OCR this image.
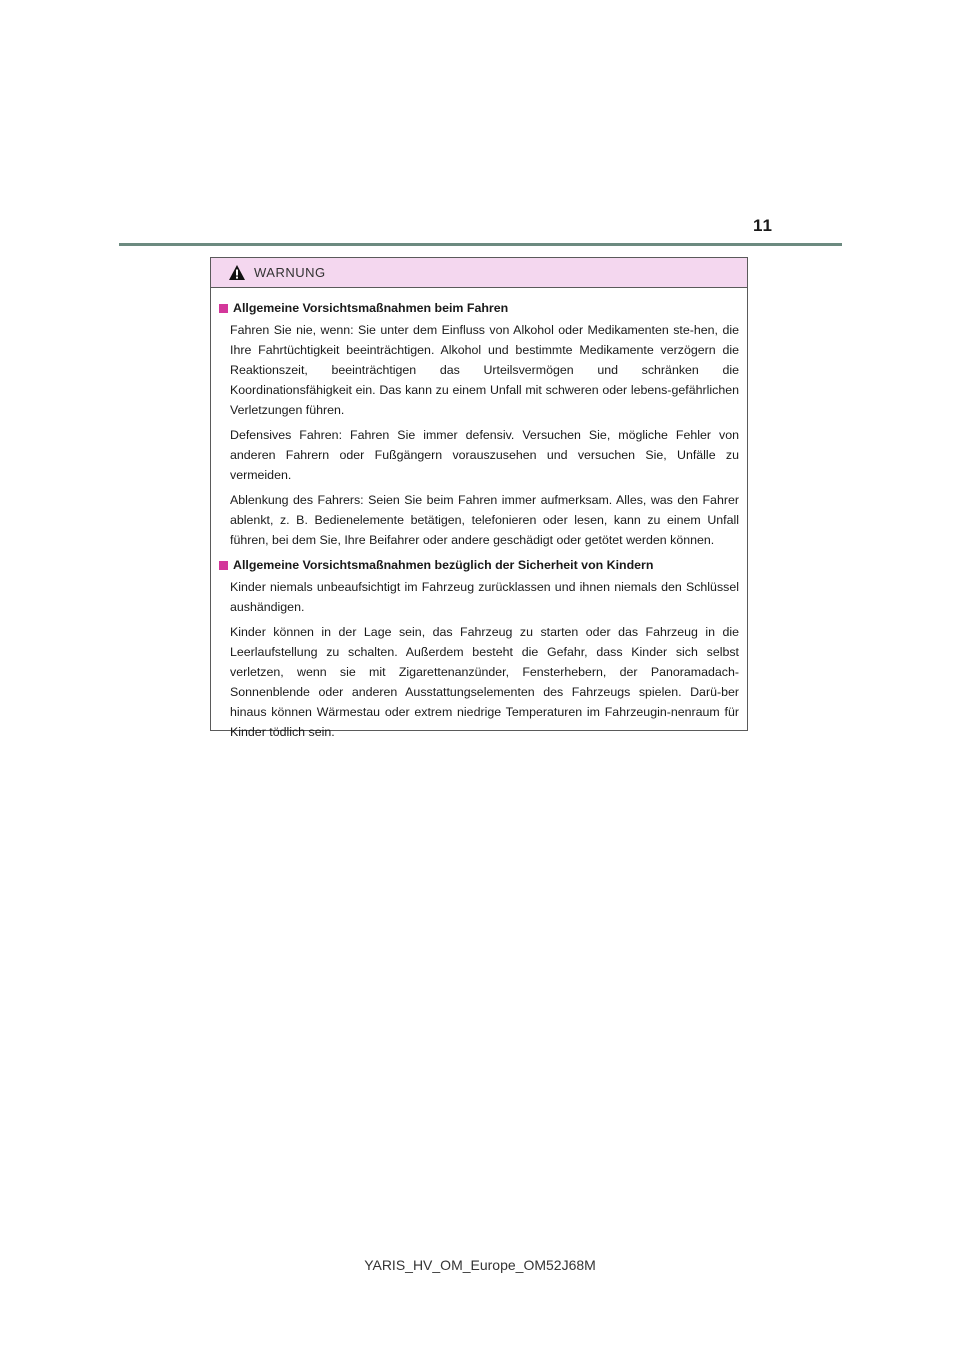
11
WARNUNG
Allgemeine Vorsichtsmaßnahmen beim Fahren

Fahren Sie nie, wenn: Sie unter dem Einfluss von Alkohol oder Medikamenten ste-hen, die Ihre Fahrtüchtigkeit beeinträchtigen. Alkohol und bestimmte Medikamente verzögern die Reaktionszeit, beeinträchtigen das Urteilsvermögen und schränken die Koordinationsfähigkeit ein. Das kann zu einem Unfall mit schweren oder lebens-gefährlichen Verletzungen führen.

Defensives Fahren: Fahren Sie immer defensiv. Versuchen Sie, mögliche Fehler von anderen Fahrern oder Fußgängern vorauszusehen und versuchen Sie, Unfälle zu vermeiden.

Ablenkung des Fahrers: Seien Sie beim Fahren immer aufmerksam. Alles, was den Fahrer ablenkt, z. B. Bedienelemente betätigen, telefonieren oder lesen, kann zu einem Unfall führen, bei dem Sie, Ihre Beifahrer oder andere geschädigt oder getötet werden können.

Allgemeine Vorsichtsmaßnahmen bezüglich der Sicherheit von Kindern

Kinder niemals unbeaufsichtigt im Fahrzeug zurücklassen und ihnen niemals den Schlüssel aushändigen.

Kinder können in der Lage sein, das Fahrzeug zu starten oder das Fahrzeug in die Leerlaufstellung zu schalten. Außerdem besteht die Gefahr, dass Kinder sich selbst verletzen, wenn sie mit Zigarettenanzünder, Fensterhebern, der Panoramadach-Sonnenblende oder anderen Ausstattungselementen des Fahrzeugs spielen. Darü-ber hinaus können Wärmestau oder extrem niedrige Temperaturen im Fahrzeugin-nenraum für Kinder tödlich sein.

YARIS_HV_OM_Europe_OM52J68M
